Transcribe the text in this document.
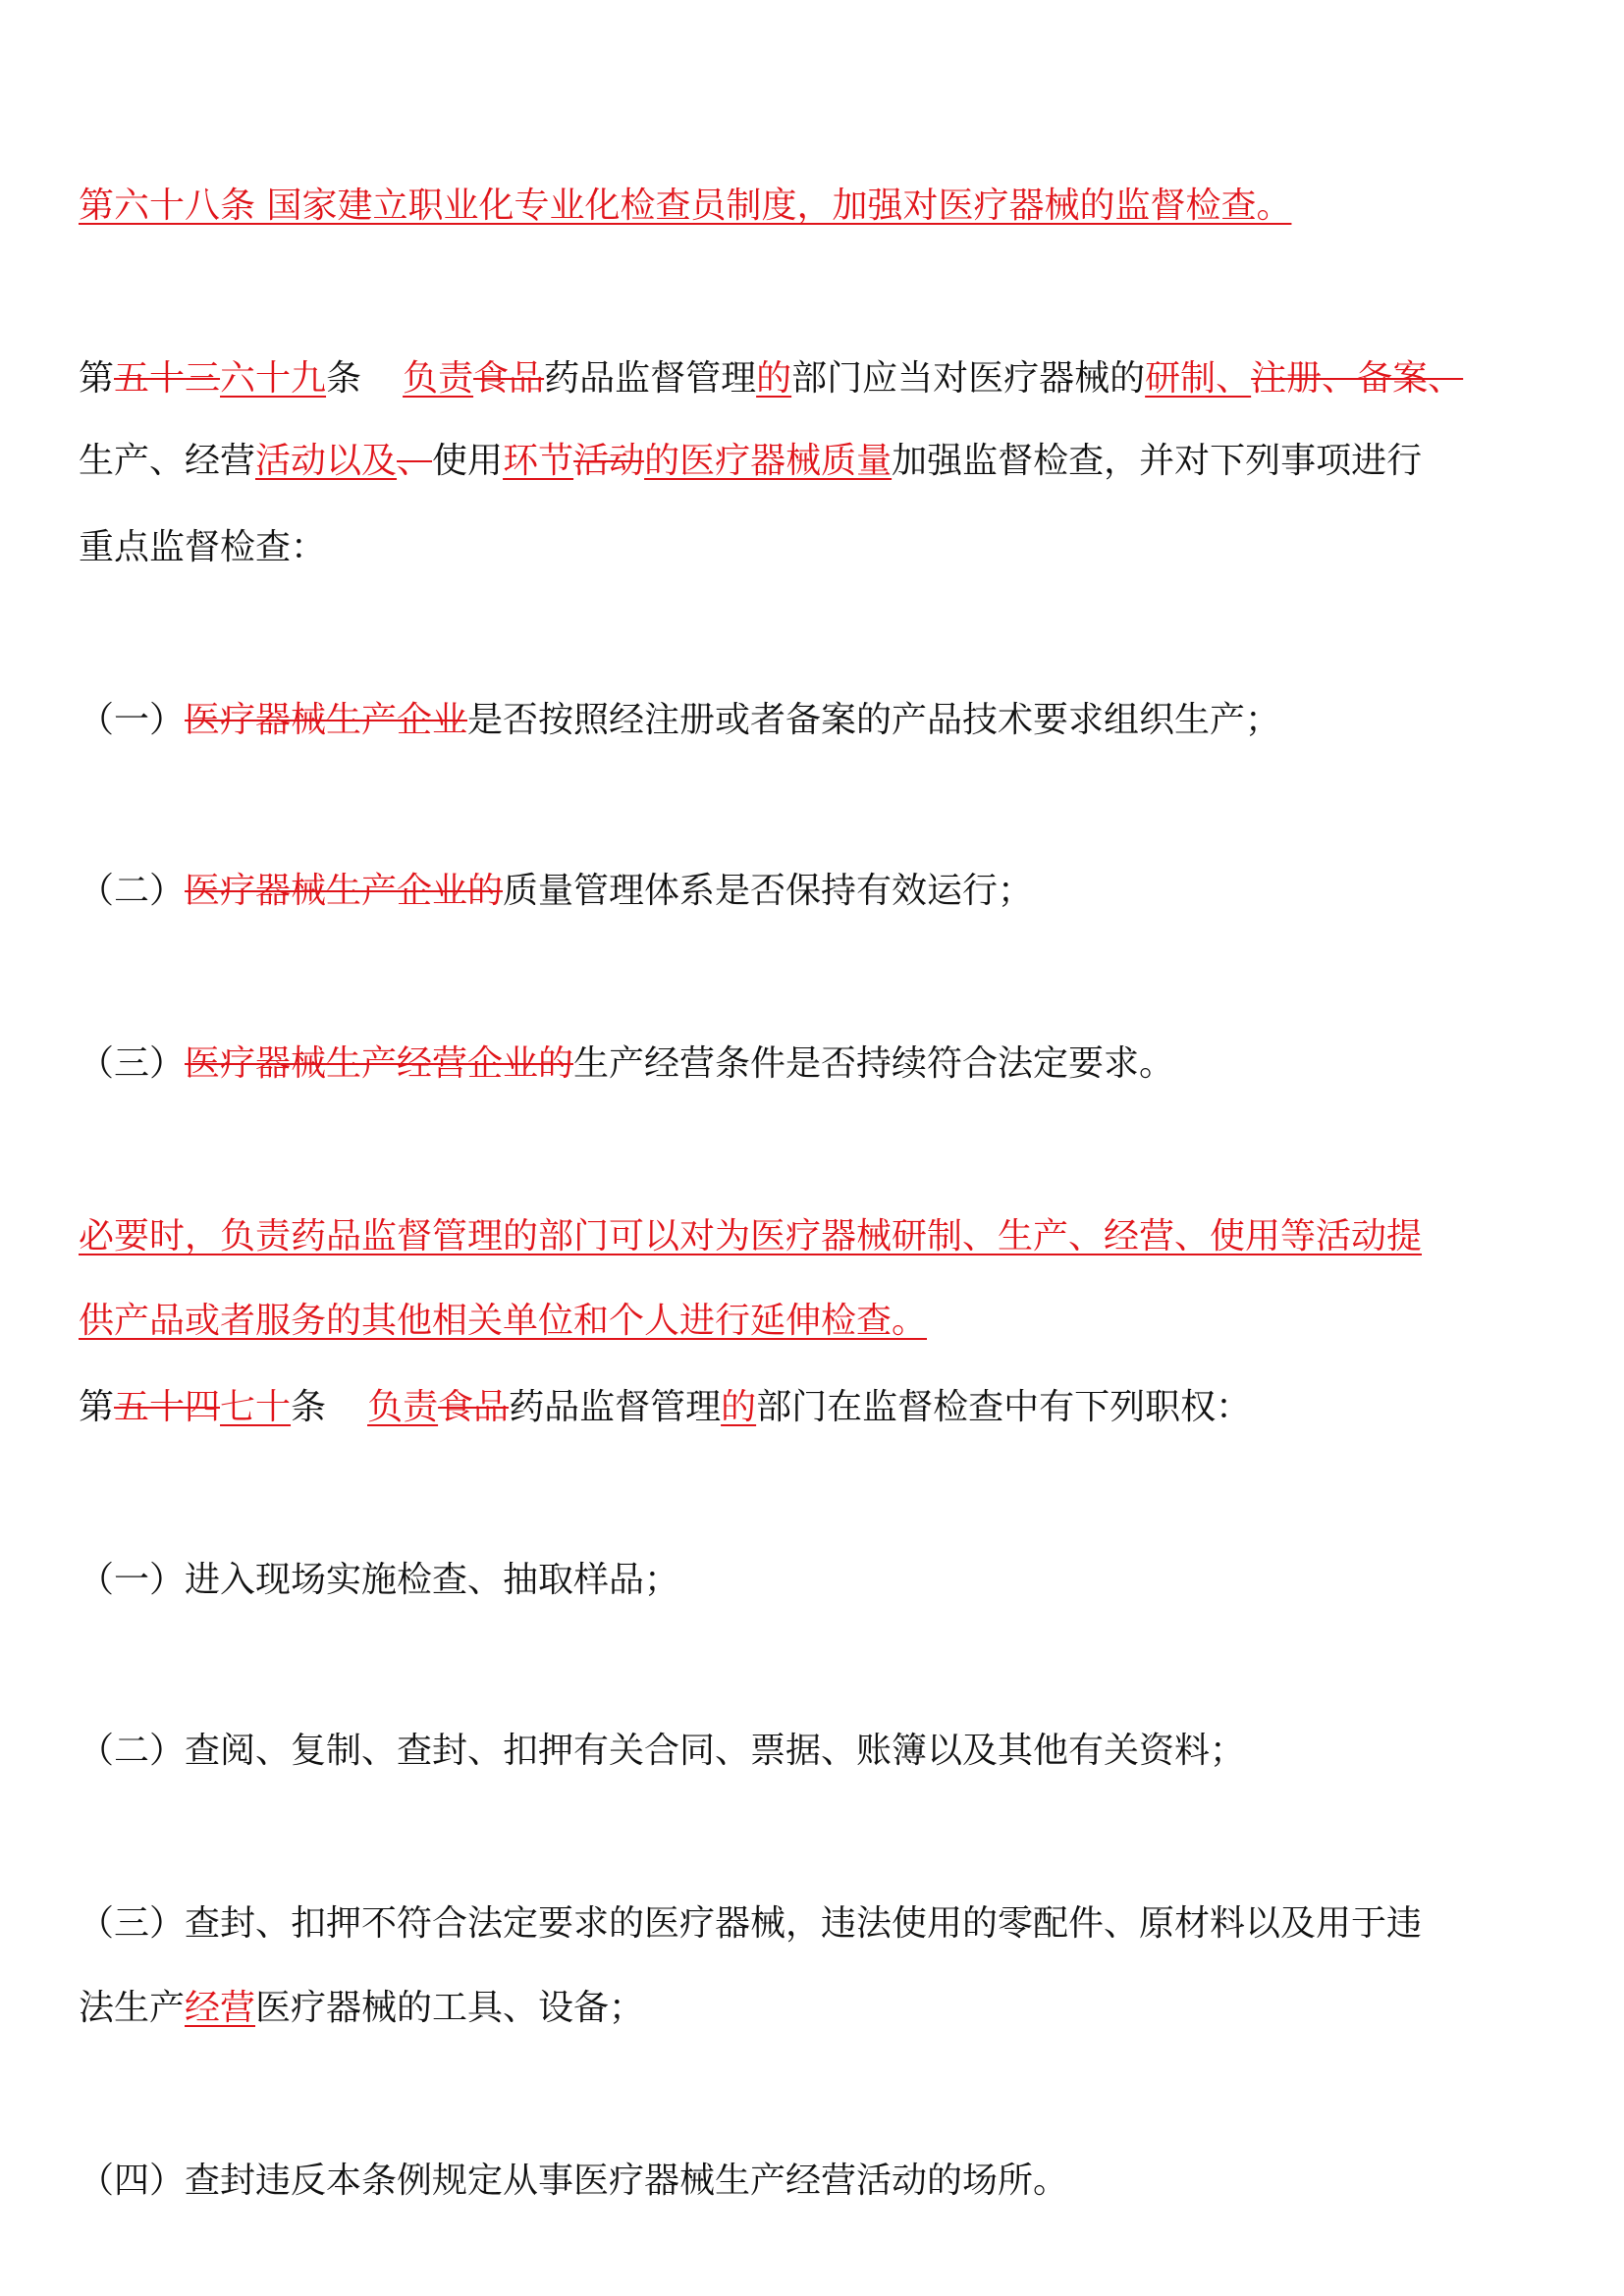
第六十八条 国家建立职业化专业化检查员制度，加强对医疗器械的监督检查。
第五十三六十九条 负责食品药品监督管理的部门应当对医疗器械的研制、注册、备案、
生产、经营活动以及、使用环节活动的医疗器械质量加强监督检查，并对下列事项进行
重点监督检查：
（一）医疗器械生产企业是否按照经注册或者备案的产品技术要求组织生产；
（二）医疗器械生产企业的质量管理体系是否保持有效运行；
（三）医疗器械生产经营企业的生产经营条件是否持续符合法定要求。
必要时，负责药品监督管理的部门可以对为医疗器械研制、生产、经营、使用等活动提
供产品或者服务的其他相关单位和个人进行延伸检查。
第五十四七十条 负责食品药品监督管理的部门在监督检查中有下列职权：
（一）进入现场实施检查、抽取样品；
（二）查阅、复制、查封、扣押有关合同、票据、账簿以及其他有关资料；
（三）查封、扣押不符合法定要求的医疗器械，违法使用的零配件、原材料以及用于违
法生产经营医疗器械的工具、设备；
（四）查封违反本条例规定从事医疗器械生产经营活动的场所。
